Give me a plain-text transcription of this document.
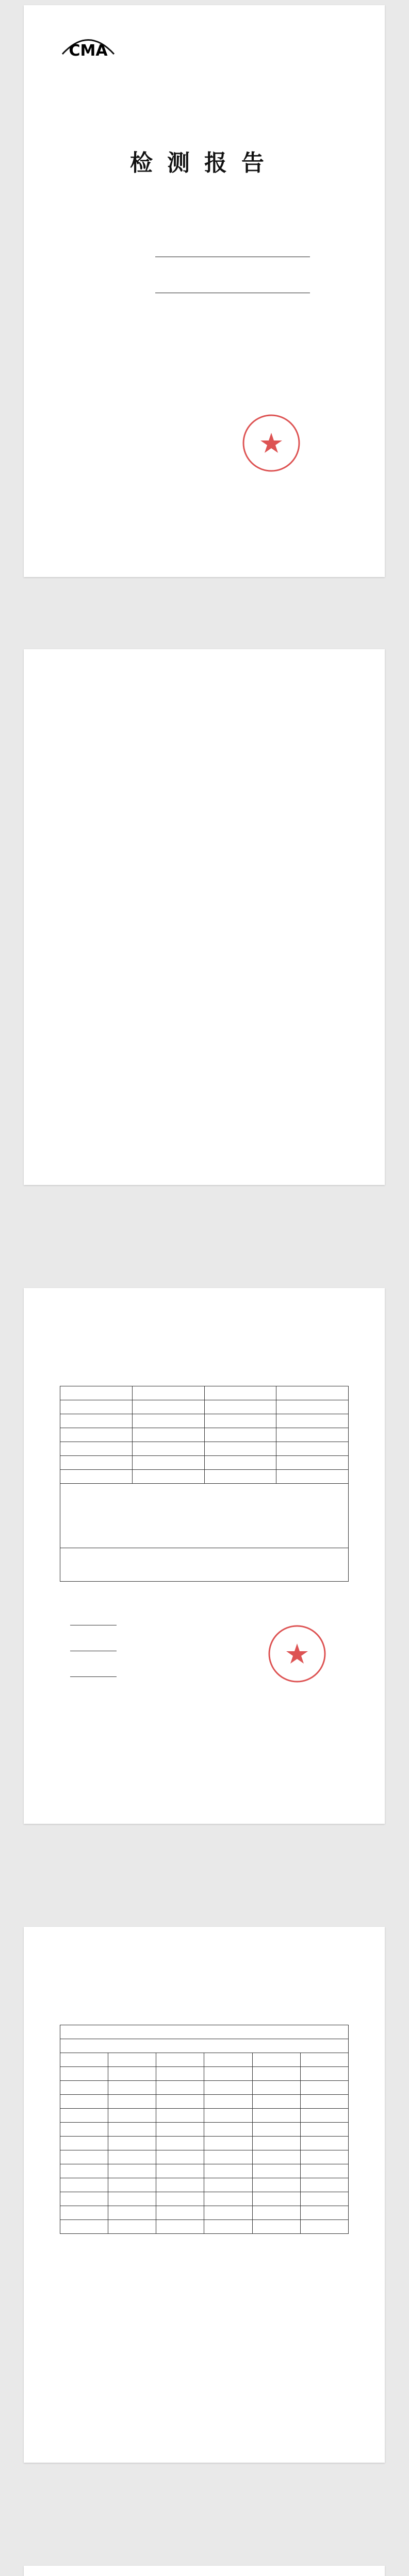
CMA
检测报告
